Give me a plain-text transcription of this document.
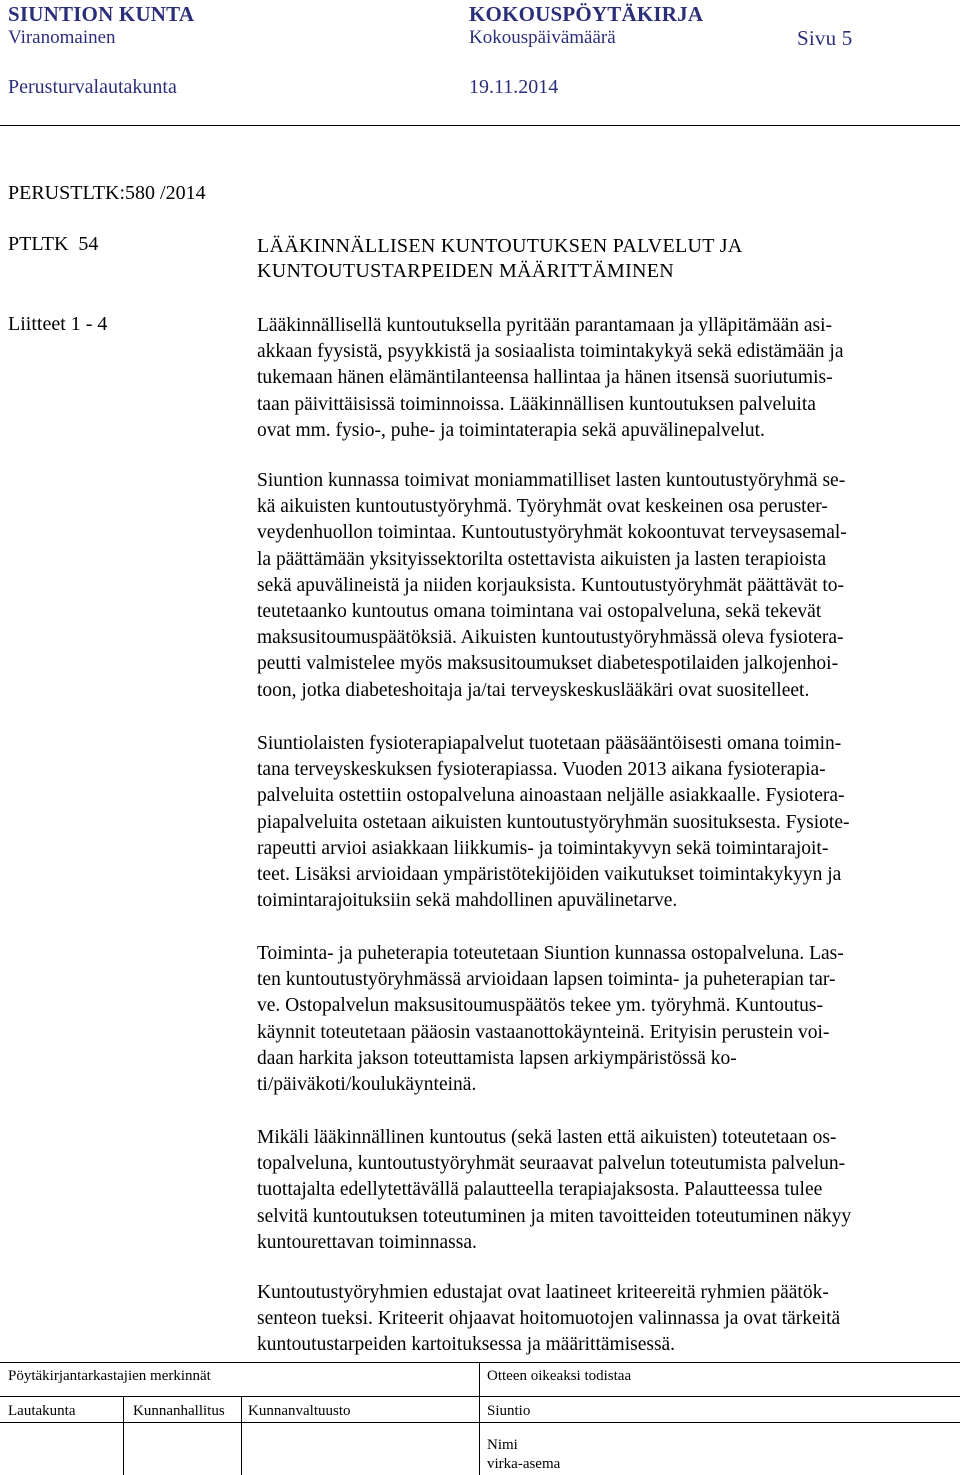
SIUNTION KUNTA	KOKOUSPÖYTÄKIRJA
Viranomainen	Kokouspäivämäärä	Sivu 5
Perusturvalautakunta	19.11.2014
PERUSTLTK:580 /2014
PTLTK  54
Liitteet 1 - 4
LÄÄKINNÄLLISEN KUNTOUTUKSEN PALVELUT JA
KUNTOUTUSTARPEIDEN MÄÄRITTÄMINEN
Lääkinnällisellä kuntoutuksella pyritään parantamaan ja ylläpitämään asi-
akkaan fyysistä, psyykkistä ja sosiaalista toimintakykyä sekä edistämään ja
tukemaan hänen elämäntilanteensa hallintaa ja hänen itsensä suoriutumis-
taan päivittäisissä toiminnoissa. Lääkinnällisen kuntoutuksen palveluita
ovat mm. fysio-, puhe- ja toimintaterapia sekä apuvälinepalvelut.
Siuntion kunnassa toimivat moniammatilliset lasten kuntoutustyöryhmä se-
kä aikuisten kuntoutustyöryhmä. Työryhmät ovat keskeinen osa peruster-
veydenhuollon toimintaa. Kuntoutustyöryhmät kokoontuvat terveysasemal-
la päättämään yksityissektorilta ostettavista aikuisten ja lasten terapioista
sekä apuvälineistä ja niiden korjauksista. Kuntoutustyöryhmät päättävät to-
teutetaanko kuntoutus omana toimintana vai ostopalveluna, sekä tekevät
maksusitoumuspäätöksiä. Aikuisten kuntoutustyöryhmässä oleva fysiotera-
peutti valmistelee myös maksusitoumukset diabetespotilaiden jalkojenhoi-
toon, jotka diabeteshoitaja ja/tai terveyskeskuslääkäri ovat suositelleet.
Siuntiolaisten fysioterapiapalvelut tuotetaan pääsääntöisesti omana toimin-
tana terveyskeskuksen fysioterapiassa. Vuoden 2013 aikana fysioterapia-
palveluita ostettiin ostopalveluna ainoastaan neljälle asiakkaalle. Fysiotera-
piapalveluita ostetaan aikuisten kuntoutustyöryhmän suosituksesta. Fysiote-
rapeutti arvioi asiakkaan liikkumis- ja toimintakyvyn sekä toimintarajoit-
teet. Lisäksi arvioidaan ympäristötekijöiden vaikutukset toimintakykyyn ja
toimintarajoituksiin sekä mahdollinen apuvälinetarve.
Toiminta- ja puheterapia toteutetaan Siuntion kunnassa ostopalveluna. Las-
ten kuntoutustyöryhmässä arvioidaan lapsen toiminta- ja puheterapian tar-
ve. Ostopalvelun maksusitoumuspäätös tekee ym. työryhmä. Kuntoutus-
käynnit toteutetaan pääosin vastaanottokäynteinä. Erityisin perustein voi-
daan harkita jakson toteuttamista lapsen arkiympäristössä ko-
ti/päiväkoti/koulukäynteinä.
Mikäli lääkinnällinen kuntoutus (sekä lasten että aikuisten) toteutetaan os-
topalveluna, kuntoutustyöryhmät seuraavat palvelun toteutumista palvelun-
tuottajalta edellytettävällä palautteella terapiajaksosta. Palautteessa tulee
selvitä kuntoutuksen toteutuminen ja miten tavoitteiden toteutuminen näkyy
kuntourettavan toiminnassa.
Kuntoutustyöryhmien edustajat ovat laatineet kriteereitä ryhmien päätök-
senteon tueksi. Kriteerit ohjaavat hoitomuotojen valinnassa ja ovat tärkeitä
kuntoutustarpeiden kartoituksessa ja määrittämisessä.
Pöytäkirjantarkastajien merkinnät	Otteen oikeaksi todistaa
Lautakunta	Kunnanhallitus Kunnanvaltuusto	Siuntio
Nimi
virka-asema
